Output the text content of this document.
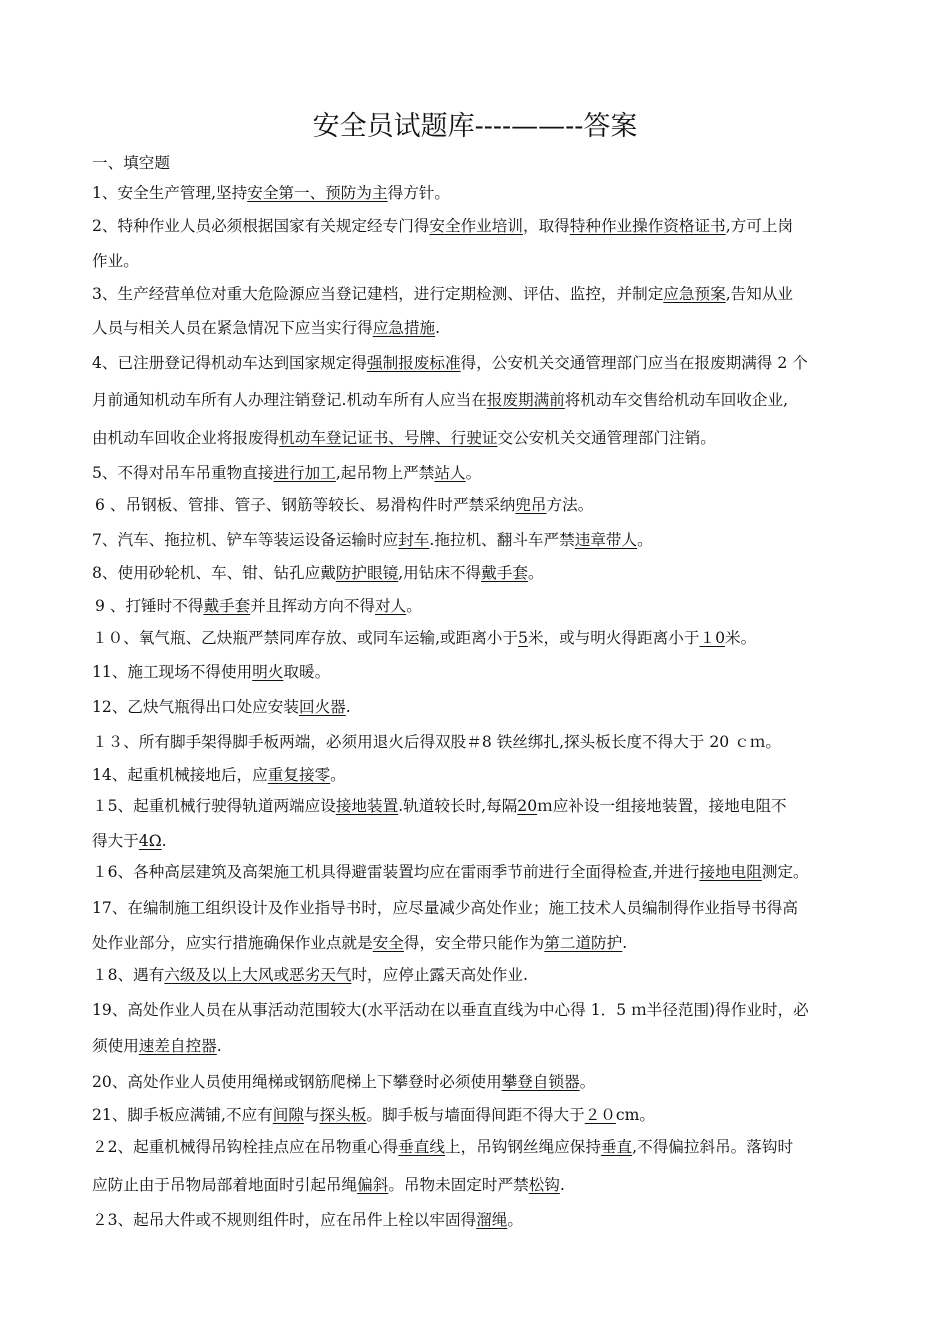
安全员试题库----——--答案
一、填空题
1、安全生产管理,坚持安全第一、预防为主得方针。
2、特种作业人员必须根据国家有关规定经专门得安全作业培训，取得特种作业操作资格证书,方可上岗
作业。
3、生产经营单位对重大危险源应当登记建档，进行定期检测、评估、监控，并制定应急预案,告知从业
人员与相关人员在紧急情况下应当实行得应急措施.
4、已注册登记得机动车达到国家规定得强制报废标准得，公安机关交通管理部门应当在报废期满得 2 个
月前通知机动车所有人办理注销登记.机动车所有人应当在报废期满前将机动车交售给机动车回收企业,
由机动车回收企业将报废得机动车登记证书、号牌、行驶证交公安机关交通管理部门注销。
5、不得对吊车吊重物直接进行加工,起吊物上严禁站人。
6 、吊钢板、管排、管子、钢筋等较长、易滑构件时严禁采纳兜吊方法。
7、汽车、拖拉机、铲车等装运设备运输时应封车.拖拉机、翻斗车严禁违章带人。
8、使用砂轮机、车、钳、钻孔应戴防护眼镜,用钻床不得戴手套。
9 、打锤时不得戴手套并且挥动方向不得对人。
１０、氧气瓶、乙炔瓶严禁同库存放、或同车运输,或距离小于5米，或与明火得距离小于１0米。
11、施工现场不得使用明火取暖。
12、乙炔气瓶得出口处应安装回火器.
１３、所有脚手架得脚手板两端，必须用退火后得双股＃8 铁丝绑扎,探头板长度不得大于 20 ｃｍ。
14、起重机械接地后，应重复接零。
１5、起重机械行驶得轨道两端应设接地装置.轨道较长时,每隔20ｍ应补设一组接地装置，接地电阻不
得大于4Ω.
１6、各种高层建筑及高架施工机具得避雷装置均应在雷雨季节前进行全面得检查,并进行接地电阻测定。
17、在编制施工组织设计及作业指导书时，应尽量减少高处作业；施工技术人员编制得作业指导书得高
处作业部分，应实行措施确保作业点就是安全得，安全带只能作为第二道防护.
１8、遇有六级及以上大风或恶劣天气时，应停止露天高处作业.
19、高处作业人员在从事活动范围较大(水平活动在以垂直直线为中心得 1．5 ｍ半径范围)得作业时，必
须使用速差自控器.
20、高处作业人员使用绳梯或钢筋爬梯上下攀登时必须使用攀登自锁器。
21、脚手板应满铺,不应有间隙与探头板。脚手板与墙面得间距不得大于２０cm。
２2、起重机械得吊钩栓挂点应在吊物重心得垂直线上，吊钩钢丝绳应保持垂直,不得偏拉斜吊。落钩时
应防止由于吊物局部着地面时引起吊绳偏斜。吊物未固定时严禁松钩.
２3、起吊大件或不规则组件时，应在吊件上栓以牢固得溜绳。
